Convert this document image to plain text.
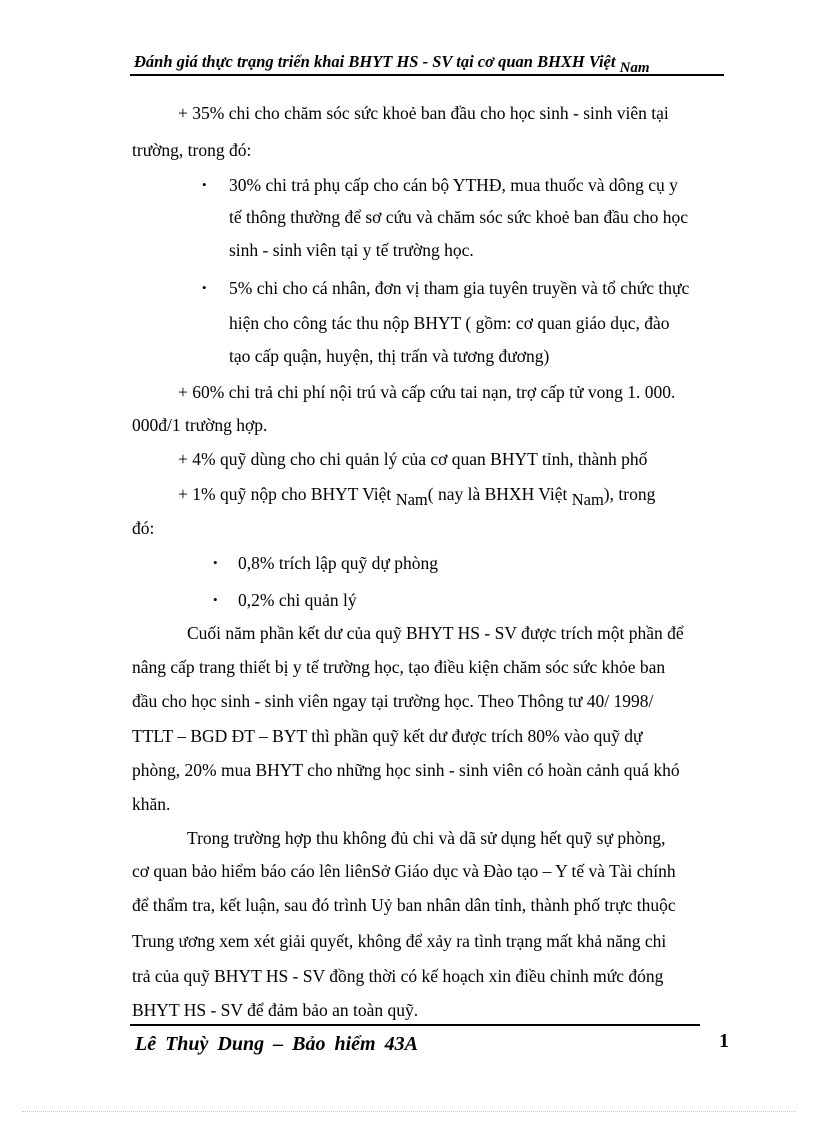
Đánh giá thực trạng triển khai BHYT HS - SV tại cơ quan BHXH Việt Nam
+ 35% chi cho chăm sóc sức khoẻ ban đầu cho học sinh - sinh viên tại
trường, trong đó:
• 30% chi trả phụ cấp cho cán bộ YTHĐ, mua thuốc và dông cụ y
tế thông thường để sơ cứu và chăm sóc sức khoẻ ban đầu cho học
sinh - sinh viên tại y tế trường học.
• 5% chi cho cá nhân, đơn vị tham gia tuyên truyền và tổ chức thực
hiện cho công tác thu nộp BHYT ( gồm: cơ quan giáo dục, đào
tạo cấp quận, huyện, thị trấn và tương đương)
+ 60% chi trả chi phí nội trú và cấp cứu tai nạn, trợ cấp tử vong 1. 000.
000đ/1 trường hợp.
+ 4% quỹ dùng cho chi quản lý của cơ quan BHYT tỉnh, thành phố
+ 1% quỹ nộp cho BHYT Việt Nam( nay là BHXH Việt Nam), trong
đó:
• 0,8% trích lập quỹ dự phòng
• 0,2% chi quản lý
Cuối năm phần kết dư của quỹ BHYT HS - SV được trích một phần để
nâng cấp trang thiết bị y tế trường học, tạo điều kiện chăm sóc sức khỏe ban
đầu cho học sinh - sinh viên ngay tại trường học. Theo Thông tư 40/ 1998/
TTLT – BGD ĐT – BYT thì phần quỹ kết dư được trích 80% vào quỹ dự
phòng, 20% mua BHYT cho những học sinh - sinh viên có hoàn cảnh quá khó
khăn.
Trong trường hợp thu không đủ chi và dã sử dụng hết quỹ sự phòng,
cơ quan bảo hiểm báo cáo lên liênSở Giáo dục và Đào tạo – Y tế và Tài chính
để thẩm tra, kết luận, sau đó trình Uỷ ban nhân dân tỉnh, thành phố trực thuộc
Trung ương xem xét giải quyết, không để xảy ra tình trạng mất khả năng chi
trả của quỹ BHYT HS - SV đồng thời có kế hoạch xin điều chỉnh mức đóng
BHYT HS - SV để đảm bảo an toàn quỹ.
Lê Thuỳ Dung – Bảo hiểm 43A	1
